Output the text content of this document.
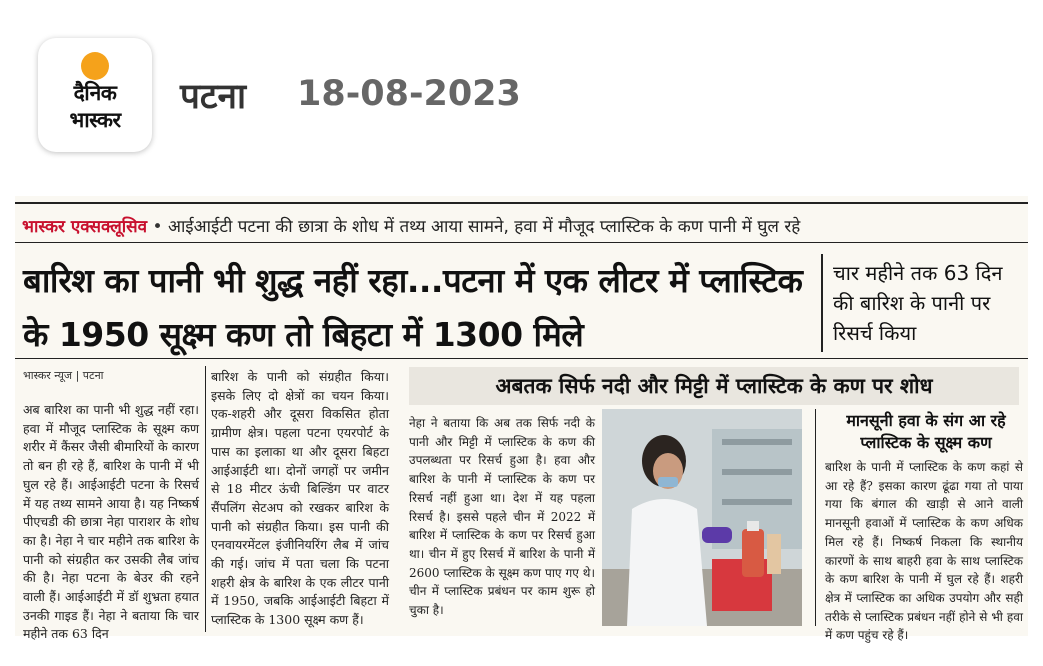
दैनिक
भास्कर
पटना 18-08-2023
भास्कर एक्सक्लूसिव • आईआईटी पटना की छात्रा के शोध में तथ्य आया सामने, हवा में मौजूद प्लास्टिक के कण पानी में घुल रहे
बारिश का पानी भी शुद्ध नहीं रहा...पटना में एक लीटर में प्लास्टिक के 1950 सूक्ष्म कण तो बिहटा में 1300 मिले
चार महीने तक 63 दिन की बारिश के पानी पर रिसर्च किया
भास्कर न्यूज | पटना
अब बारिश का पानी भी शुद्ध नहीं रहा। हवा में मौजूद प्लास्टिक के सूक्ष्म कण शरीर में कैंसर जैसी बीमारियों के कारण तो बन ही रहे हैं, बारिश के पानी में भी घुल रहे हैं। आईआईटी पटना के रिसर्च में यह तथ्य सामने आया है। यह निष्कर्ष पीएचडी की छात्रा नेहा पाराशर के शोध का है। नेहा ने चार महीने तक बारिश के पानी को संग्रहीत कर उसकी लैब जांच की है। नेहा पटना के बेउर की रहने वाली हैं। आईआईटी में डॉ शुभ्रता हयात उनकी गाइड हैं। नेहा ने बताया कि चार महीने तक 63 दिन
बारिश के पानी को संग्रहीत किया। इसके लिए दो क्षेत्रों का चयन किया। एक-शहरी और दूसरा विकसित होता ग्रामीण क्षेत्र। पहला पटना एयरपोर्ट के पास का इलाका था और दूसरा बिहटा आईआईटी था। दोनों जगहों पर जमीन से 18 मीटर ऊंची बिल्डिंग पर वाटर सैंपलिंग सेटअप को रखकर बारिश के पानी को संग्रहीत किया। इस पानी की एनवायरमेंटल इंजीनियरिंग लैब में जांच की गई। जांच में पता चला कि पटना शहरी क्षेत्र के बारिश के एक लीटर पानी में 1950, जबकि आईआईटी बिहटा में प्लास्टिक के 1300 सूक्ष्म कण हैं।
अबतक सिर्फ नदी और मिट्टी में प्लास्टिक के कण पर शोध
नेहा ने बताया कि अब तक सिर्फ नदी के पानी और मिट्टी में प्लास्टिक के कण की उपलब्धता पर रिसर्च हुआ है। हवा और बारिश के पानी में प्लास्टिक के कण पर रिसर्च नहीं हुआ था। देश में यह पहला रिसर्च है। इससे पहले चीन में 2022 में बारिश में प्लास्टिक के कण पर रिसर्च हुआ था। चीन में हुए रिसर्च में बारिश के पानी में 2600 प्लास्टिक के सूक्ष्म कण पाए गए थे। चीन में प्लास्टिक प्रबंधन पर काम शुरू हो चुका है।
मानसूनी हवा के संग आ रहे प्लास्टिक के सूक्ष्म कण
बारिश के पानी में प्लास्टिक के कण कहां से आ रहे हैं? इसका कारण ढूंढा गया तो पाया गया कि बंगाल की खाड़ी से आने वाली मानसूनी हवाओं में प्लास्टिक के कण अधिक मिल रहे हैं। निष्कर्ष निकला कि स्थानीय कारणों के साथ बाहरी हवा के साथ प्लास्टिक के कण बारिश के पानी में घुल रहे हैं। शहरी क्षेत्र में प्लास्टिक का अधिक उपयोग और सही तरीके से प्लास्टिक प्रबंधन नहीं होने से भी हवा में कण पहुंच रहे हैं।
